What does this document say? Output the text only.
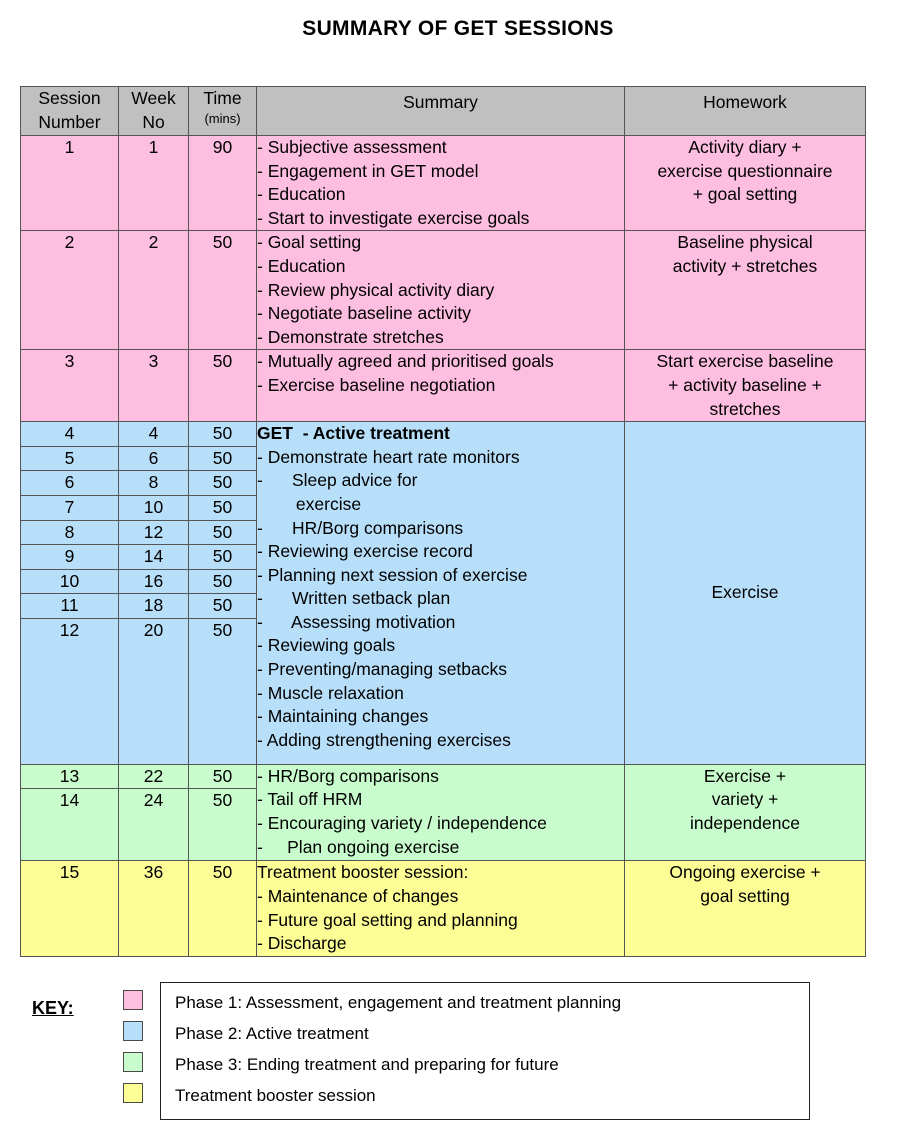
SUMMARY OF GET SESSIONS
Session
Number	Week
No	Time
(mins)	Summary	Homework
1	1	90	- Subjective assessment
- Engagement in GET model
- Education
- Start to investigate exercise goals	Activity diary +
exercise questionnaire
+ goal setting

2	2	50	- Goal setting
- Education
- Review physical activity diary
- Negotiate baseline activity
- Demonstrate stretches	Baseline physical
activity + stretches

3	3	50	- Mutually agreed and prioritised goals
- Exercise baseline negotiation	Start exercise baseline
+ activity baseline +
stretches

4	4	50	GET  - Active treatment
- Demonstrate heart rate monitors
-      Sleep advice for
exercise
-      HR/Borg comparisons
- Reviewing exercise record
- Planning next session of exercise
-      Written setback plan
-      Assessing motivation
- Reviewing goals
- Preventing/managing setbacks
- Muscle relaxation
- Maintaining changes
- Adding strengthening exercises

Exercise

5	6	50		
6	8	50		
7	10	50		
8	12	50		
9	14	50		
10	16	50		
11	18	50		
12	20	50		
13	22	50	- HR/Borg comparisons
- Tail off HRM
- Encouraging variety / independence
-     Plan ongoing exercise	Exercise +
variety +
independence

14	24	50		
15	36	50	Treatment booster session:
- Maintenance of changes
- Future goal setting and planning
- Discharge	Ongoing exercise +
goal setting
KEY:	Phase 1: Assessment, engagement and treatment planning
Phase 2: Active treatment
Phase 3: Ending treatment and preparing for future
Treatment booster session
